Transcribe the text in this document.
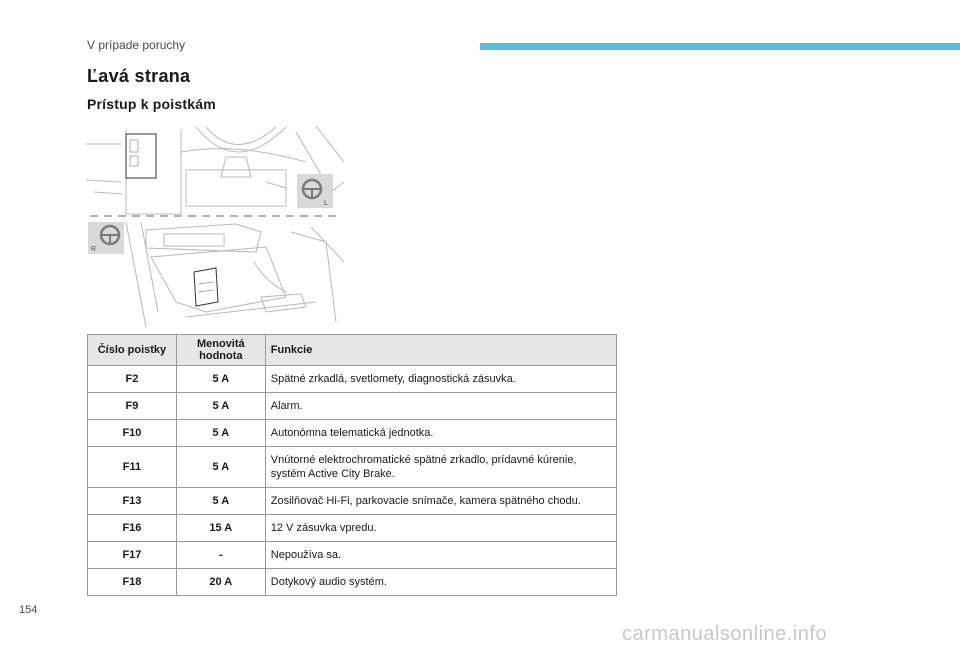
V prípade poruchy
Ľavá strana
Prístup k poistkám
L
R
Číslo poistky	Menovitá hodnota	Funkcie
F2	5 A	Spätné zrkadlá, svetlomety, diagnostická zásuvka.
F9	5 A	Alarm.
F10	5 A	Autonómna telematická jednotka.
F11	5 A	Vnútorné elektrochromatické spätné zrkadlo, prídavné kúrenie, systém Active City Brake.
F13	5 A	Zosilňovač Hi-Fi, parkovacie snímače, kamera spätného chodu.
F16	15 A	12 V zásuvka vpredu.
F17	-	Nepoužíva sa.
F18	20 A	Dotykový audio systém.
154
carmanualsonline.info
